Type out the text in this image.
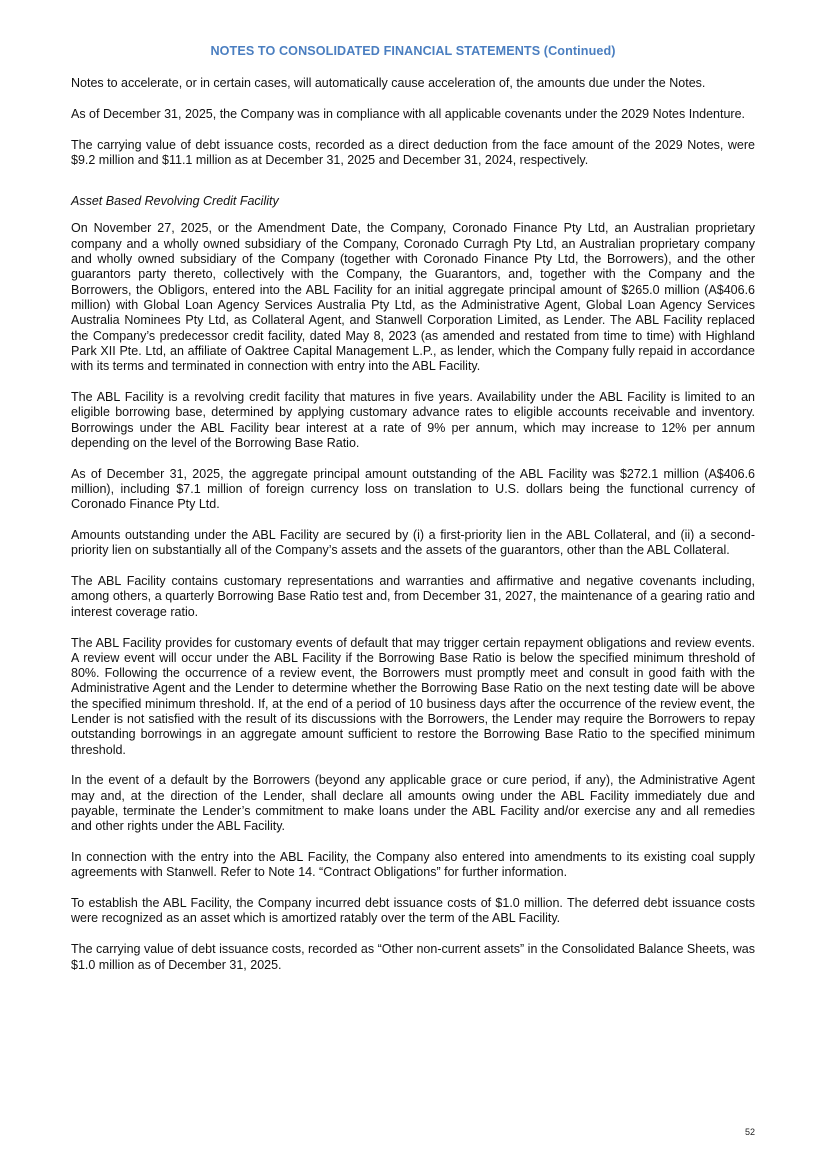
NOTES TO CONSOLIDATED FINANCIAL STATEMENTS (Continued)

Notes to accelerate, or in certain cases, will automatically cause acceleration of, the amounts due under the Notes.

As of December 31, 2025, the Company was in compliance with all applicable covenants under the 2029 Notes Indenture.

The carrying value of debt issuance costs, recorded as a direct deduction from the face amount of the 2029 Notes, were $9.2 million and $11.1 million as at December 31, 2025 and December 31, 2024, respectively.

Asset Based Revolving Credit Facility

On November 27, 2025, or the Amendment Date, the Company, Coronado Finance Pty Ltd, an Australian proprietary company and a wholly owned subsidiary of the Company, Coronado Curragh Pty Ltd, an Australian proprietary company and wholly owned subsidiary of the Company (together with Coronado Finance Pty Ltd, the Borrowers), and the other guarantors party thereto, collectively with the Company, the Guarantors, and, together with the Company and the Borrowers, the Obligors, entered into the ABL Facility for an initial aggregate principal amount of $265.0 million (A$406.6 million) with Global Loan Agency Services Australia Pty Ltd, as the Administrative Agent, Global Loan Agency Services Australia Nominees Pty Ltd, as Collateral Agent, and Stanwell Corporation Limited, as Lender. The ABL Facility replaced the Company’s predecessor credit facility, dated May 8, 2023 (as amended and restated from time to time) with Highland Park XII Pte. Ltd, an affiliate of Oaktree Capital Management L.P., as lender, which the Company fully repaid in accordance with its terms and terminated in connection with entry into the ABL Facility.

The ABL Facility is a revolving credit facility that matures in five years. Availability under the ABL Facility is limited to an eligible borrowing base, determined by applying customary advance rates to eligible accounts receivable and inventory. Borrowings under the ABL Facility bear interest at a rate of 9% per annum, which may increase to 12% per annum depending on the level of the Borrowing Base Ratio.

As of December 31, 2025, the aggregate principal amount outstanding of the ABL Facility was $272.1 million (A$406.6 million), including $7.1 million of foreign currency loss on translation to U.S. dollars being the functional currency of Coronado Finance Pty Ltd.

Amounts outstanding under the ABL Facility are secured by (i) a first-priority lien in the ABL Collateral, and (ii) a second-priority lien on substantially all of the Company’s assets and the assets of the guarantors, other than the ABL Collateral.

The ABL Facility contains customary representations and warranties and affirmative and negative covenants including, among others, a quarterly Borrowing Base Ratio test and, from December 31, 2027, the maintenance of a gearing ratio and interest coverage ratio.

The ABL Facility provides for customary events of default that may trigger certain repayment obligations and review events. A review event will occur under the ABL Facility if the Borrowing Base Ratio is below the specified minimum threshold of 80%. Following the occurrence of a review event, the Borrowers must promptly meet and consult in good faith with the Administrative Agent and the Lender to determine whether the Borrowing Base Ratio on the next testing date will be above the specified minimum threshold. If, at the end of a period of 10 business days after the occurrence of the review event, the Lender is not satisfied with the result of its discussions with the Borrowers, the Lender may require the Borrowers to repay outstanding borrowings in an aggregate amount sufficient to restore the Borrowing Base Ratio to the specified minimum threshold.

In the event of a default by the Borrowers (beyond any applicable grace or cure period, if any), the Administrative Agent may and, at the direction of the Lender, shall declare all amounts owing under the ABL Facility immediately due and payable, terminate the Lender’s commitment to make loans under the ABL Facility and/or exercise any and all remedies and other rights under the ABL Facility.

In connection with the entry into the ABL Facility, the Company also entered into amendments to its existing coal supply agreements with Stanwell. Refer to Note 14. “Contract Obligations” for further information.

To establish the ABL Facility, the Company incurred debt issuance costs of $1.0 million. The deferred debt issuance costs were recognized as an asset which is amortized ratably over the term of the ABL Facility.

The carrying value of debt issuance costs, recorded as “Other non-current assets” in the Consolidated Balance Sheets, was $1.0 million as of December 31, 2025.

52
